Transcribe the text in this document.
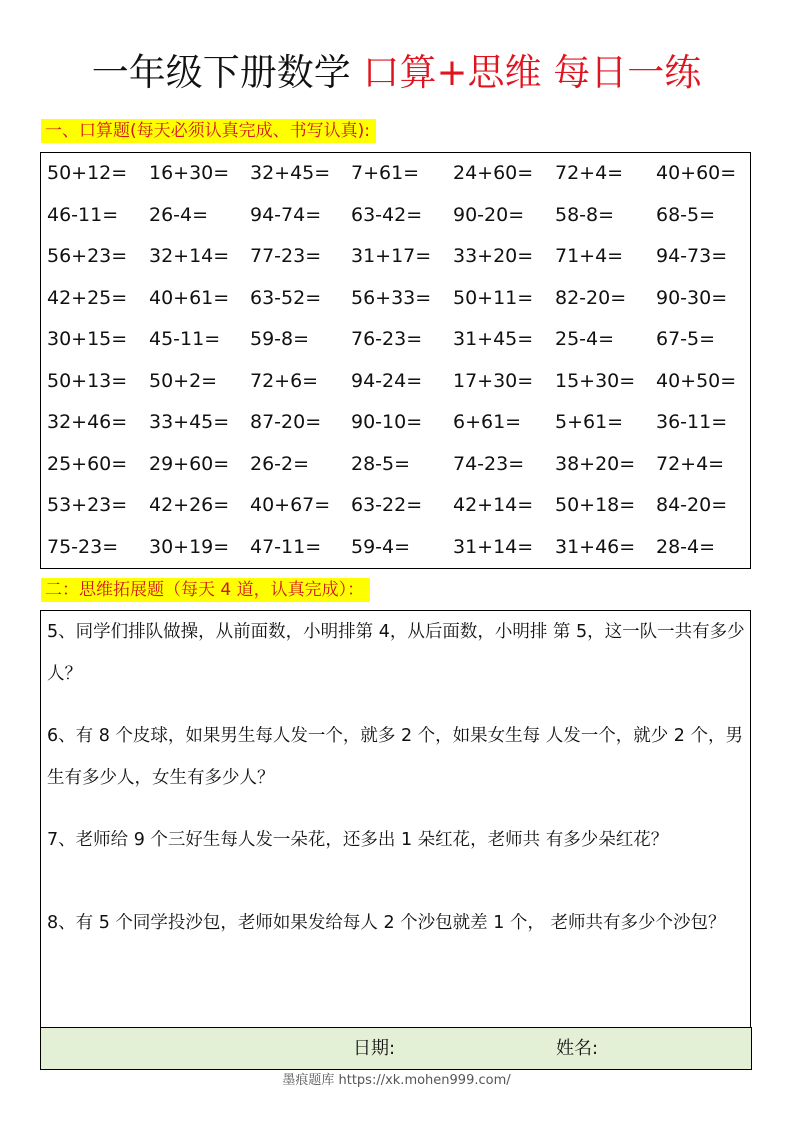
一年级下册数学 口算+思维 每日一练
一、口算题(每天必须认真完成、书写认真):
50+12= 16+30= 32+45= 7+61= 24+60= 72+4= 40+60=
46-11= 26-4= 94-74= 63-42= 90-20= 58-8= 68-5=
56+23= 32+14= 77-23= 31+17= 33+20= 71+4= 94-73=
42+25= 40+61= 63-52= 56+33= 50+11= 82-20= 90-30=
30+15= 45-11= 59-8= 76-23= 31+45= 25-4= 67-5=
50+13= 50+2= 72+6= 94-24= 17+30= 15+30= 40+50=
32+46= 33+45= 87-20= 90-10= 6+61= 5+61= 36-11=
25+60= 29+60= 26-2= 28-5= 74-23= 38+20= 72+4=
53+23= 42+26= 40+67= 63-22= 42+14= 50+18= 84-20=
75-23= 30+19= 47-11= 59-4= 31+14= 31+46= 28-4=
二：思维拓展题（每天 4 道，认真完成）：
5、同学们排队做操，从前面数，小明排第 4，从后面数，小明排 第 5，这一队一共有多少人？
6、有 8 个皮球，如果男生每人发一个，就多 2 个，如果女生每 人发一个，就少 2 个，男生有多少人，女生有多少人？
7、老师给 9 个三好生每人发一朵花，还多出 1 朵红花，老师共 有多少朵红花？
8、有 5 个同学投沙包，老师如果发给每人 2 个沙包就差 1 个， 老师共有多少个沙包？
日期:	姓名:
墨痕题库 https://xk.mohen999.com/
